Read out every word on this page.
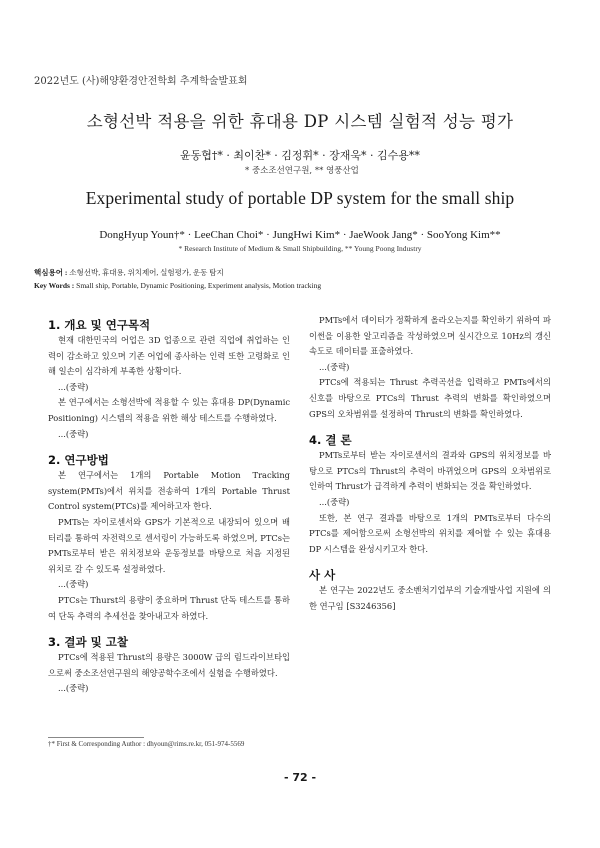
2022년도 (사)해양환경안전학회 추계학술발표회
소형선박 적용을 위한 휴대용 DP 시스템 실험적 성능 평가
윤동협†* · 최이찬* · 김정휘* · 장재욱* · 김수용**
* 중소조선연구원, ** 영풍산업
Experimental study of portable DP system for the small ship
DongHyup Youn†* · LeeChan Choi* · JungHwi Kim* · JaeWook Jang* · SooYong Kim**
* Research Institute of Medium & Small Shipbuilding, ** Young Poong Industry
핵심용어 : 소형선박, 휴대용, 위치제어, 실험평가, 운동 탐지
Key Words : Small ship, Portable, Dynamic Positioning, Experiment analysis, Motion tracking

1. 개요 및 연구목적

현재 대한민국의 어업은 3D 업종으로 관련 직업에 취업하는 인력이 감소하고 있으며 기존 어업에 종사하는 인력 또한 고령화로 인해 일손이 심각하게 부족한 상황이다.

...(중략)

본 연구에서는 소형선박에 적용할 수 있는 휴대용 DP(Dynamic Positioning) 시스템의 적용을 위한 해상 테스트를 수행하였다.

...(중략)

2. 연구방법

본 연구에서는 1개의 Portable Motion Tracking system(PMTs)에서 위치를 전송하여 1개의 Portable Thrust Control system(PTCs)를 제어하고자 한다.

PMTs는 자이로센서와 GPS가 기본적으로 내장되어 있으며 배터리를 통하여 자전력으로 센서링이 가능하도록 하였으며, PTCs는 PMTs로부터 받은 위치정보와 운동정보를 바탕으로 처음 지정된 위치로 갈 수 있도록 설정하였다.

...(중략)

PTCs는 Thurst의 용량이 중요하며 Thrust 단독 테스트를 통하여 단독 추력의 추세선을 찾아내고자 하였다.

3. 결과 및 고찰

PTCs에 적용된 Thrust의 용량은 3000W 급의 림드라이브타입으로써 중소조선연구원의 해양공학수조에서 실험을 수행하였다.

...(중략)

PMTs에서 데이터가 정확하게 올라오는지를 확인하기 위하여 파이썬을 이용한 알고리즘을 작성하였으며 실시간으로 10Hz의 갱신속도로 데이터를 표출하였다.

...(중략)

PTCs에 적용되는 Thrust 추력곡선을 입력하고 PMTs에서의 신호를 바탕으로 PTCs의 Thrust 추력의 변화를 확인하였으며 GPS의 오차범위를 설정하여 Thrust의 변화를 확인하였다.

4. 결 론

PMTs로부터 받는 자이로센서의 결과와 GPS의 위치정보를 바탕으로 PTCs의 Thrust의 추력이 바뀌었으며 GPS의 오차범위로 인하여 Thrust가 급격하게 추력이 변화되는 것을 확인하였다.

...(중략)

또한, 본 연구 결과를 바탕으로 1개의 PMTs로부터 다수의 PTCs를 제어함으로써 소형선박의 위치를 제어할 수 있는 휴대용 DP 시스템을 완성시키고자 한다.

사 사

본 연구는 2022년도 중소벤처기업부의 기술개발사업 지원에 의한 연구임 [S3246356]

†* First & Corresponding Author : dhyoun@rims.re.kr, 051-974-5569
- 72 -
